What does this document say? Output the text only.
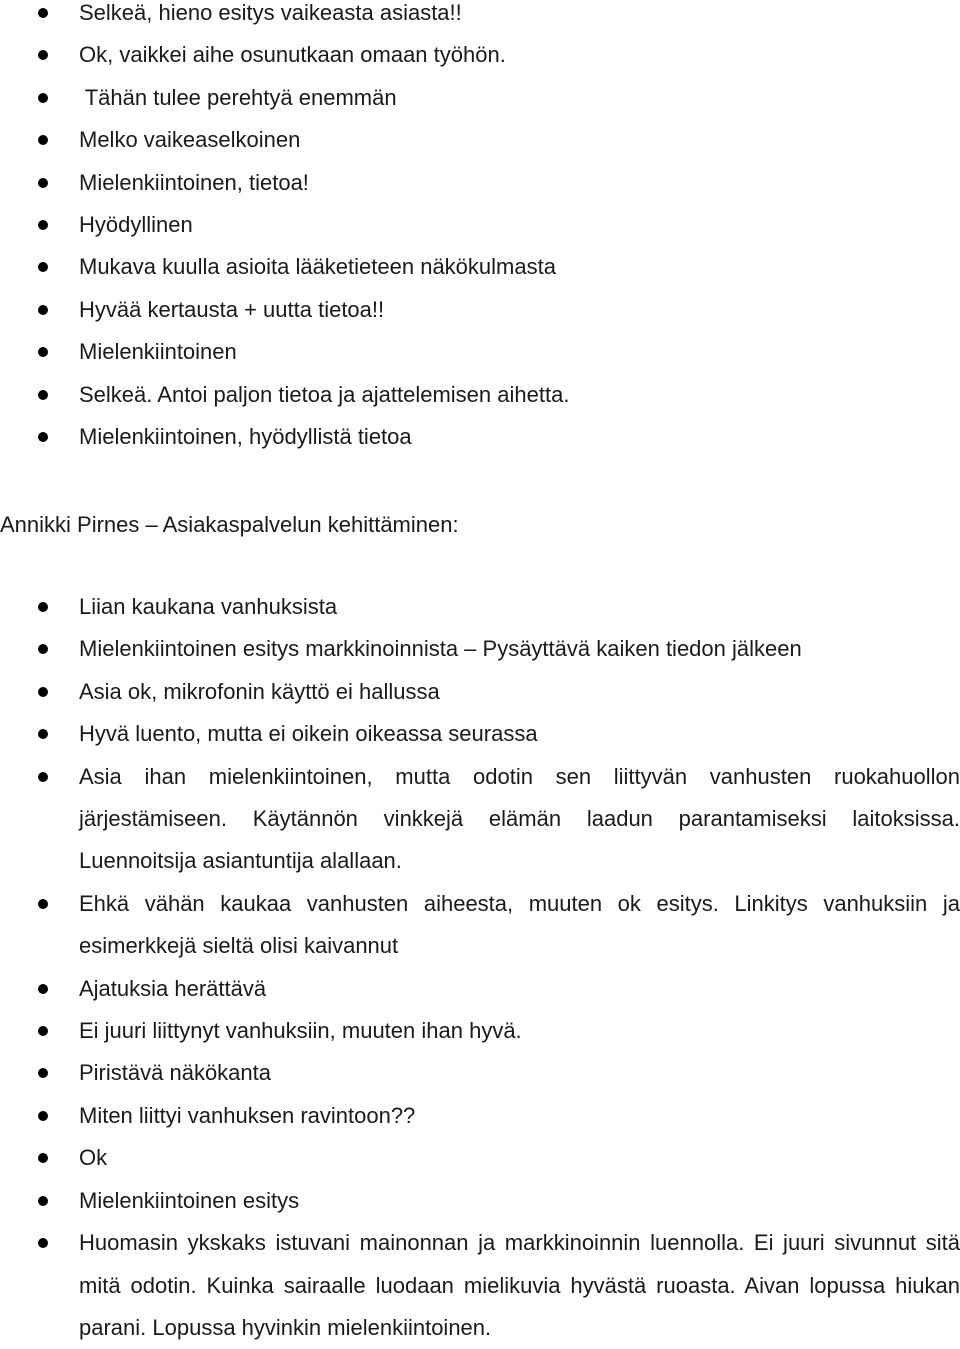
Selkeä, hieno esitys vaikeasta asiasta!!
Ok, vaikkei aihe osunutkaan omaan työhön.
Tähän tulee perehtyä enemmän
Melko vaikeaselkoinen
Mielenkiintoinen, tietoa!
Hyödyllinen
Mukava kuulla asioita lääketieteen näkökulmasta
Hyvää kertausta + uutta tietoa!!
Mielenkiintoinen
Selkeä. Antoi paljon tietoa ja ajattelemisen aihetta.
Mielenkiintoinen, hyödyllistä tietoa
Annikki Pirnes – Asiakaspalvelun kehittäminen:
Liian kaukana vanhuksista
Mielenkiintoinen esitys markkinoinnista – Pysäyttävä kaiken tiedon jälkeen
Asia ok, mikrofonin käyttö ei hallussa
Hyvä luento, mutta ei oikein oikeassa seurassa
Asia ihan mielenkiintoinen, mutta odotin sen liittyvän vanhusten ruokahuollon järjestämiseen. Käytännön vinkkejä elämän laadun parantamiseksi laitoksissa. Luennoitsija asiantuntija alallaan.
Ehkä vähän kaukaa vanhusten aiheesta, muuten ok esitys. Linkitys vanhuksiin ja esimerkkejä sieltä olisi kaivannut
Ajatuksia herättävä
Ei juuri liittynyt vanhuksiin, muuten ihan hyvä.
Piristävä näkökanta
Miten liittyi vanhuksen ravintoon??
Ok
Mielenkiintoinen esitys
Huomasin ykskaks istuvani mainonnan ja markkinoinnin luennolla. Ei juuri sivunnut sitä mitä odotin. Kuinka sairaalle luodaan mielikuvia hyvästä ruoasta. Aivan lopussa hiukan parani. Lopussa hyvinkin mielenkiintoinen.
